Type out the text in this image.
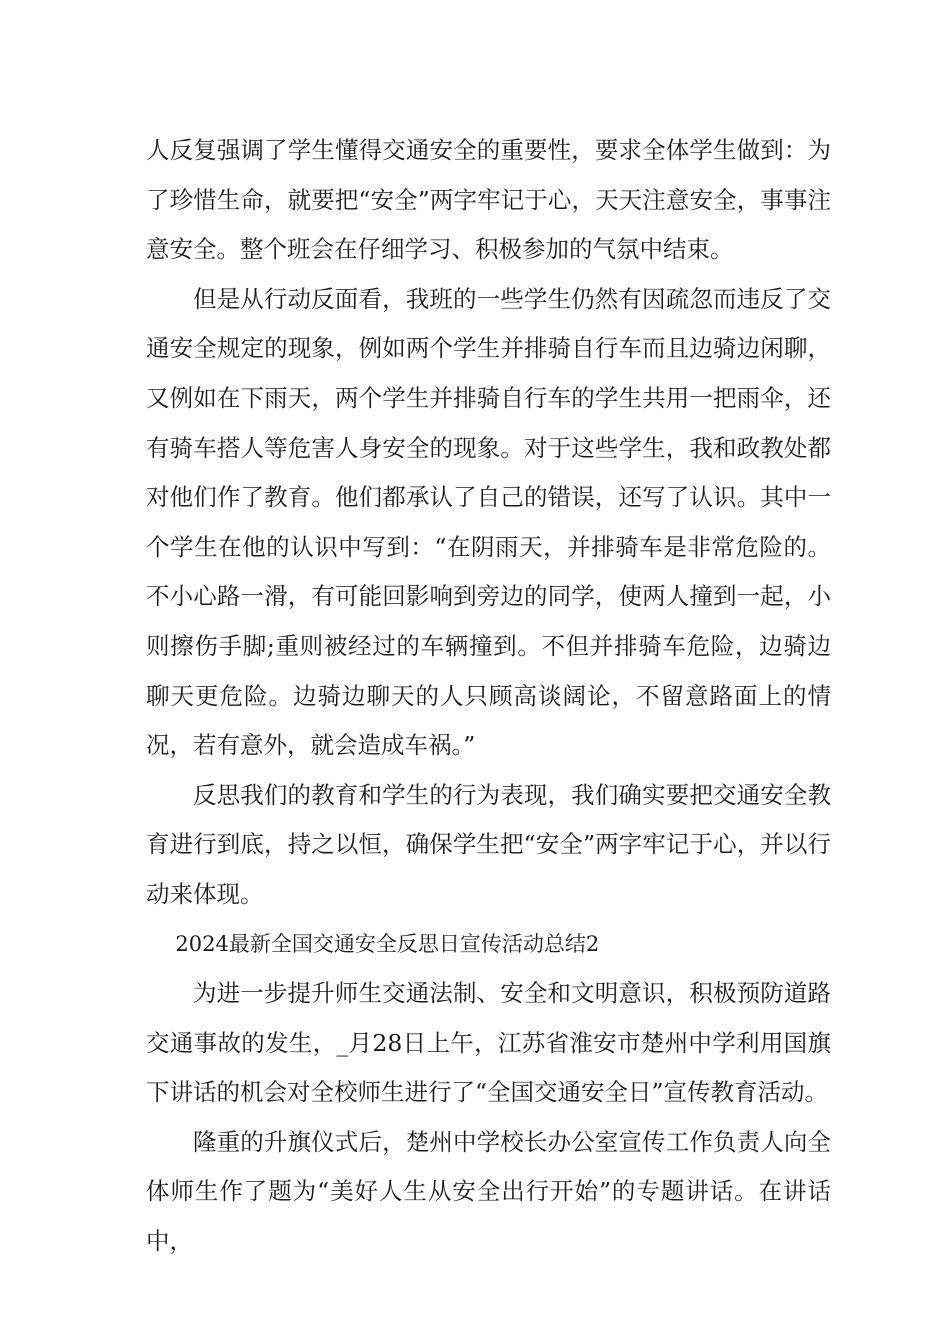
人反复强调了学生懂得交通安全的重要性，要求全体学生做到：为了珍惜生命，就要把“安全”两字牢记于心，天天注意安全，事事注意安全。整个班会在仔细学习、积极参加的气氛中结束。

但是从行动反面看，我班的一些学生仍然有因疏忽而违反了交通安全规定的现象，例如两个学生并排骑自行车而且边骑边闲聊，又例如在下雨天，两个学生并排骑自行车的学生共用一把雨伞，还有骑车搭人等危害人身安全的现象。对于这些学生，我和政教处都对他们作了教育。他们都承认了自己的错误，还写了认识。其中一个学生在他的认识中写到：“在阴雨天，并排骑车是非常危险的。不小心路一滑，有可能回影响到旁边的同学，使两人撞到一起，小则擦伤手脚;重则被经过的车辆撞到。不但并排骑车危险，边骑边聊天更危险。边骑边聊天的人只顾高谈阔论，不留意路面上的情况，若有意外，就会造成车祸。”

反思我们的教育和学生的行为表现，我们确实要把交通安全教育进行到底，持之以恒，确保学生把“安全”两字牢记于心，并以行动来体现。

2024最新全国交通安全反思日宣传活动总结2

为进一步提升师生交通法制、安全和文明意识，积极预防道路交通事故的发生，_月28日上午，江苏省淮安市楚州中学利用国旗下讲话的机会对全校师生进行了“全国交通安全日”宣传教育活动。

隆重的升旗仪式后，楚州中学校长办公室宣传工作负责人向全体师生作了题为“美好人生从安全出行开始”的专题讲话。在讲话中，
